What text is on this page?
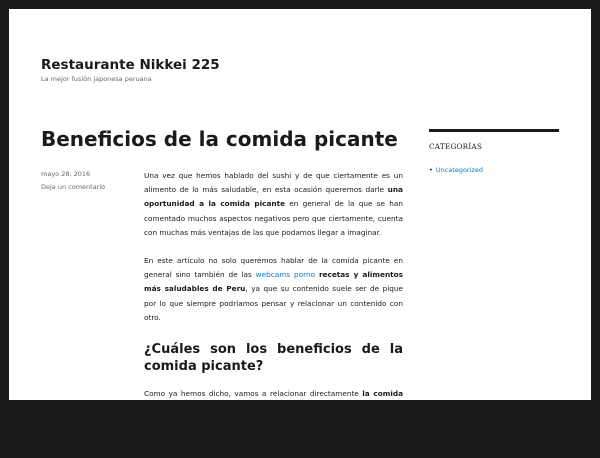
Restaurante Nikkei 225
La mejor fusión japonesa peruana
Beneficios de la comida picante
mayo 28, 2016
Deja un comentario

Una vez que hemos hablado del sushi y de que ciertamente es un alimento de lo más saludable, en esta ocasión queremos darle una oportunidad a la comida picante en general de la que se han comentado muchos aspectos negativos pero que ciertamente, cuenta con muchas más ventajas de las que podamos llegar a imaginar.

En este artículo no solo queremos hablar de la comida picante en general sino también de las webcams porno recetas y alimentos más saludables de Peru, ya que su contenido suele ser de pique por lo que siempre podríamos pensar y relacionar un contenido con otro.

¿Cuáles son los beneficios de la comida picante?

Como ya hemos dicho, vamos a relacionar directamente la comida picante con los alimentos y las recetas de Perú gracias a que estos platos suelen contener mucho pique y con ello estaremos dando una oportunidad para aquellas personas a las que les gusta que la comida lleve un toque de picante.

CATEGORÍAS
• Uncategorized
